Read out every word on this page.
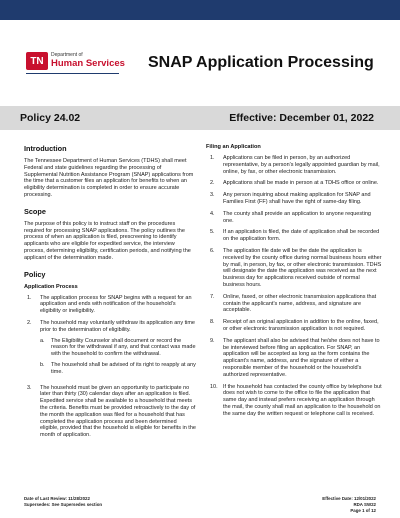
TN
Department of
Human Services SNAP Application Processing
Policy 24.02	Effective: December 01, 2022
Introduction

The Tennessee Department of Human Services (TDHS) shall meet Federal and state guidelines regarding the processing of Supplemental Nutrition Assistance Program (SNAP) applications from the time that a customer files an application for benefits to when an eligibility determination is completed in order to ensure accurate processing.

Scope

The purpose of this policy is to instruct staff on the procedures required for processing SNAP applications. The policy outlines the process of when an application is filed, prescreening to identify applicants who are eligible for expedited service, the interview process, determining eligibility, certification periods, and notifying the applicant of the determination made.

Policy
Application Process
1.	The application process for SNAP begins with a request for an application and ends with notification of the household's eligibility or ineligibility.
2.	The household may voluntarily withdraw its application any time prior to the determination of eligibility.
a.	The Eligibility Counselor shall document or record the reason for the withdrawal if any, and that contact was made with the household to confirm the withdrawal.
b.	The household shall be advised of its right to reapply at any time.
3.	The household must be given an opportunity to participate no later than thirty (30) calendar days after an application is filed. Expedited service shall be available to a household that meets the criteria. Benefits must be provided retroactively to the day of the month the application was filed for a household that has completed the application process and been determined eligible, provided that the household is eligible for benefits in the month of application.
Filing an Application
1.	Applications can be filed in person, by an authorized representative, by a person's legally appointed guardian by mail, online, by fax, or other electronic transmission.
2.	Applications shall be made in person at a TDHS office or online.
3.	Any person inquiring about making application for SNAP and Families First (FF) shall have the right of same-day filing.
4.	The county shall provide an application to anyone requesting one.
5.	If an application is filed, the date of application shall be recorded on the application form.
6.	The application file date will be the date the application is received by the county office during normal business hours either by mail, in person, by fax, or other electronic transmission. TDHS will designate the date the application was received as the next business day for applications received outside of normal business hours.
7.	Online, faxed, or other electronic transmission applications that contain the applicant's name, address, and signature are acceptable.
8.	Receipt of an original application in addition to the online, faxed, or other electronic transmission application is not required.
9.	The applicant shall also be advised that he/she does not have to be interviewed before filing an application. For SNAP, an application will be accepted as long as the form contains the applicant's name, address, and the signature of either a responsible member of the household or the household's authorized representative.
10. If the household has contacted the county office by telephone but does not wish to come to the office to file the application that same day and instead prefers receiving an application through the mail, the county shall mail an application to the household on the same day the written request or telephone call is received.
Date of Last Review: 11/28/2022
Supersedes: See Supersedes section
Effective Date: 12/01/2022
RDA SW22
Page 1 of 12
